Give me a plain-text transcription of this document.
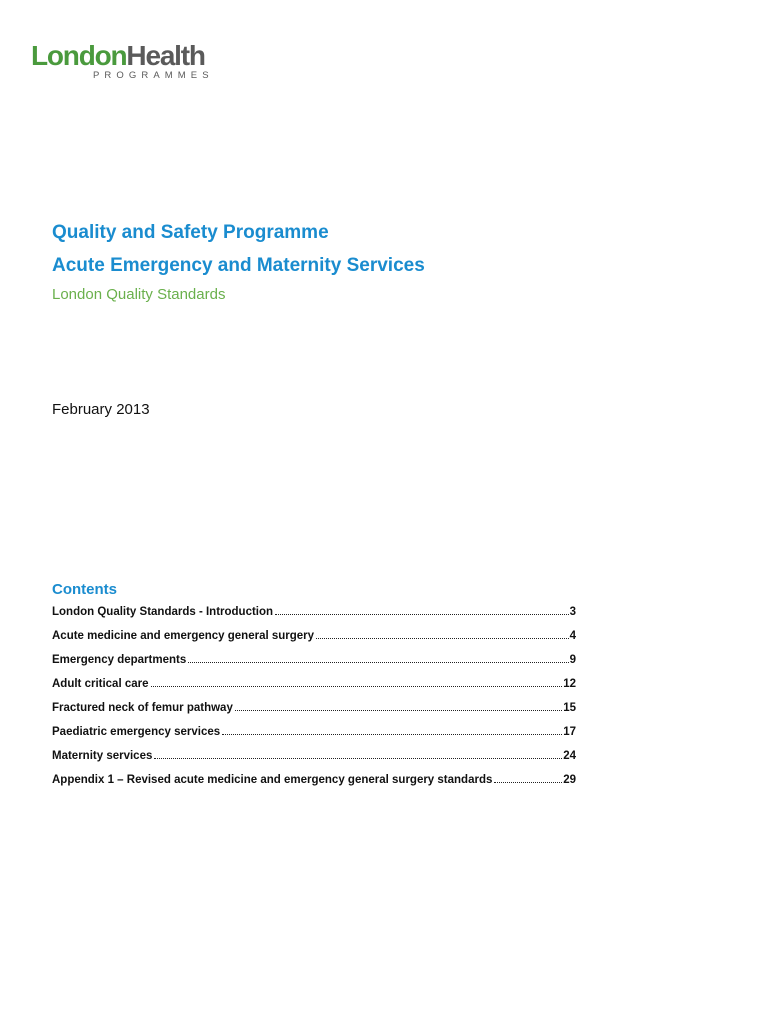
LondonHealth
PROGRAMMES
Quality and Safety Programme
Acute Emergency and Maternity Services
London Quality Standards
February 2013
Contents
London Quality Standards - Introduction	3
Acute medicine and emergency general surgery	4
Emergency departments	9
Adult critical care	12
Fractured neck of femur pathway	15
Paediatric emergency services	17
Maternity services	24
Appendix 1 – Revised acute medicine and emergency general surgery standards	29
